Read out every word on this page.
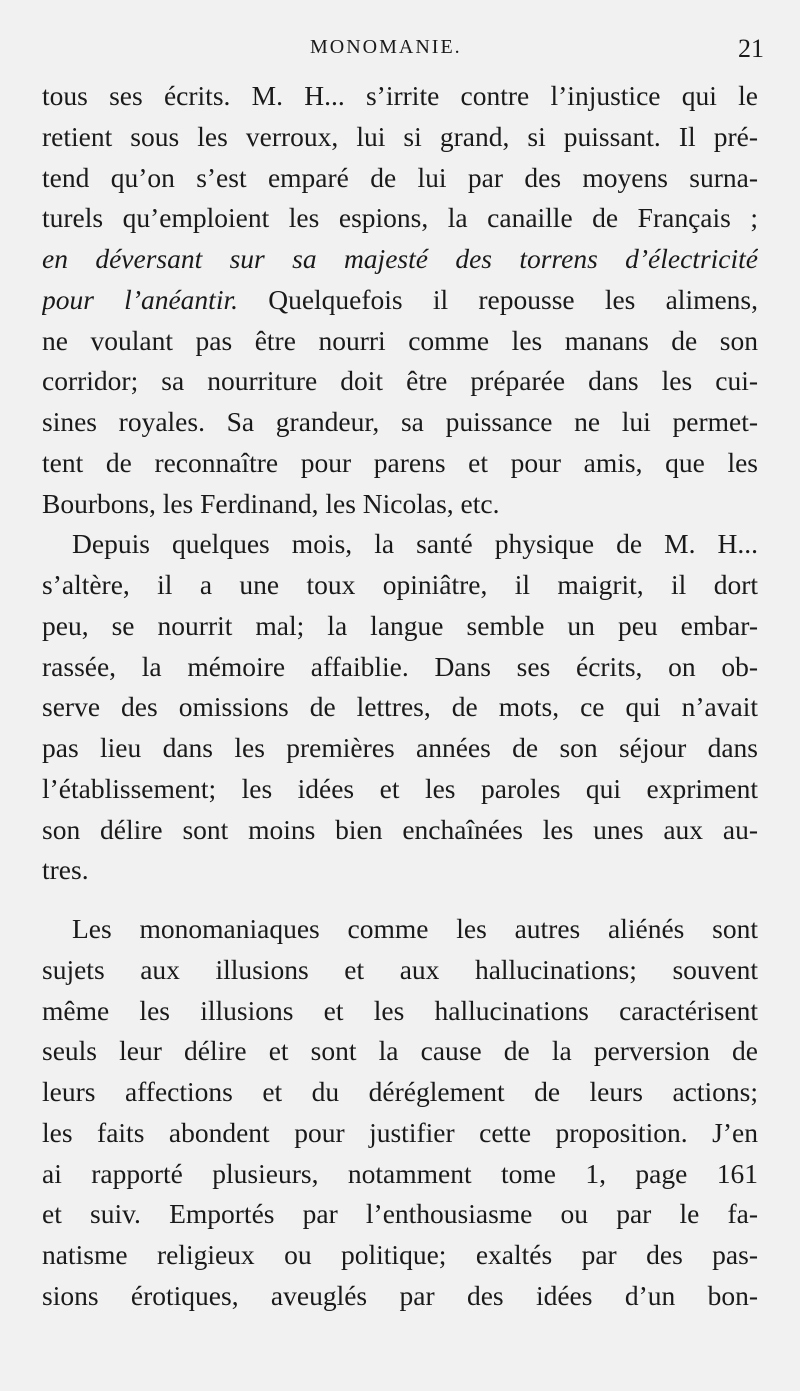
MONOMANIE.	21
tous ses écrits. M. H... s’irrite contre l’injustice qui le
retient sous les verroux, lui si grand, si puissant. Il pré-
tend qu’on s’est emparé de lui par des moyens surna-
turels qu’emploient les espions, la canaille de Français ;
en déversant sur sa majesté des torrens d’électricité
pour l’anéantir. Quelquefois il repousse les alimens,
ne voulant pas être nourri comme les manans de son
corridor; sa nourriture doit être préparée dans les cui-
sines royales. Sa grandeur, sa puissance ne lui permet-
tent de reconnaître pour parens et pour amis, que les
Bourbons, les Ferdinand, les Nicolas, etc.
Depuis quelques mois, la santé physique de M. H...
s’altère, il a une toux opiniâtre, il maigrit, il dort
peu, se nourrit mal; la langue semble un peu embar-
rassée, la mémoire affaiblie. Dans ses écrits, on ob-
serve des omissions de lettres, de mots, ce qui n’avait
pas lieu dans les premières années de son séjour dans
l’établissement; les idées et les paroles qui expriment
son délire sont moins bien enchaînées les unes aux au-
tres.
Les monomaniaques comme les autres aliénés sont
sujets aux illusions et aux hallucinations; souvent
même les illusions et les hallucinations caractérisent
seuls leur délire et sont la cause de la perversion de
leurs affections et du déréglement de leurs actions;
les faits abondent pour justifier cette proposition. J’en
ai rapporté plusieurs, notamment tome 1, page 161
et suiv. Emportés par l’enthousiasme ou par le fa-
natisme religieux ou politique; exaltés par des pas-
sions érotiques, aveuglés par des idées d’un bon-
